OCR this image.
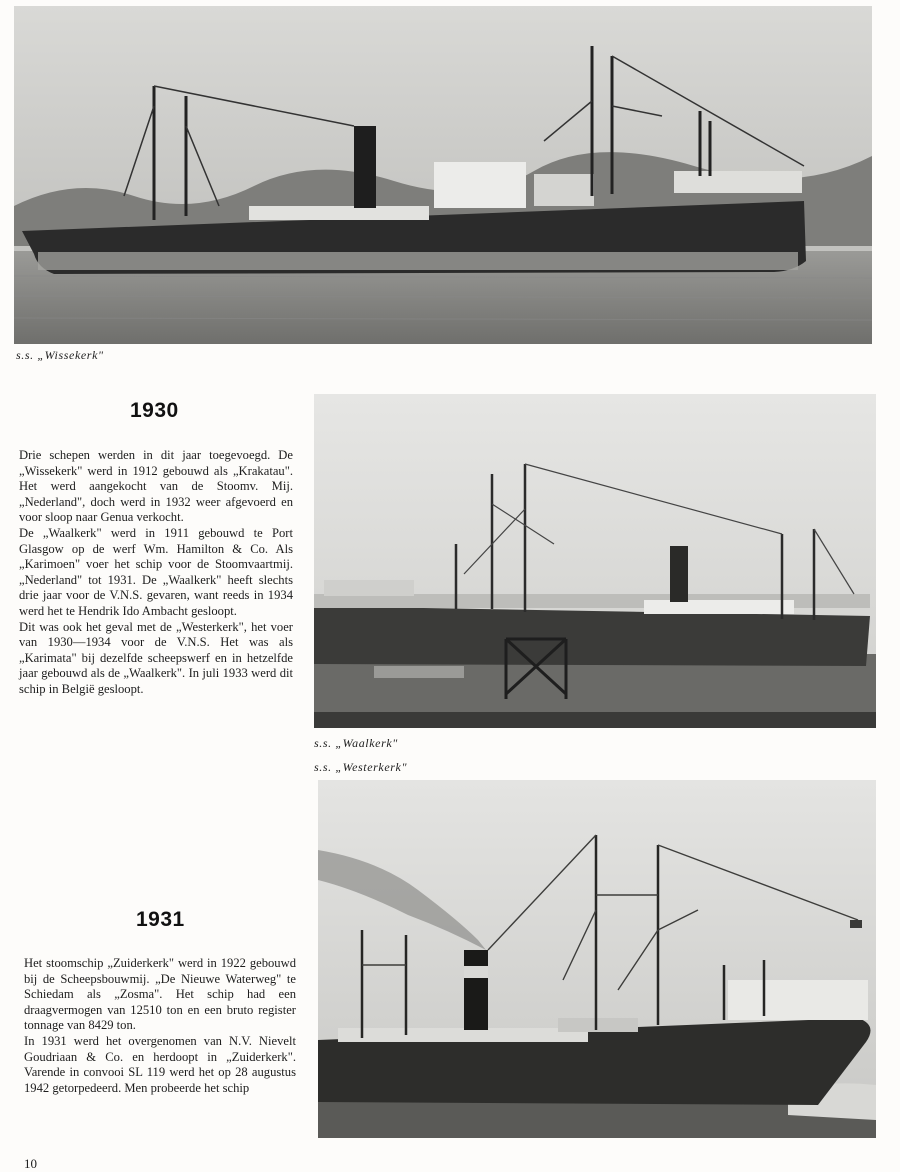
s.s. „Wissekerk"
1930

Drie schepen werden in dit jaar toegevoegd. De „Wissekerk" werd in 1912 gebouwd als „Krakatau". Het werd aangekocht van de Stoomv. Mij. „Nederland", doch werd in 1932 weer afgevoerd en voor sloop naar Genua verkocht.

De „Waalkerk" werd in 1911 gebouwd te Port Glasgow op de werf Wm. Hamilton & Co. Als „Karimoen" voer het schip voor de Stoomvaartmij. „Nederland" tot 1931. De „Waalkerk" heeft slechts drie jaar voor de V.N.S. gevaren, want reeds in 1934 werd het te Hendrik Ido Ambacht gesloopt.

Dit was ook het geval met de „Westerkerk", het voer van 1930—1934 voor de V.N.S. Het was als „Karimata" bij dezelfde scheepswerf en in hetzelfde jaar gebouwd als de „Waalkerk". In juli 1933 werd dit schip in België gesloopt.

s.s. „Waalkerk"
s.s. „Westerkerk"
1931

Het stoomschip „Zuiderkerk" werd in 1922 gebouwd bij de Scheepsbouwmij. „De Nieuwe Waterweg" te Schiedam als „Zosma". Het schip had een draagvermogen van 12510 ton en een bruto register tonnage van 8429 ton.

In 1931 werd het overgenomen van N.V. Nievelt Goudriaan & Co. en herdoopt in „Zuiderkerk". Varende in convooi SL 119 werd het op 28 augustus 1942 getorpedeerd. Men probeerde het schip

10
